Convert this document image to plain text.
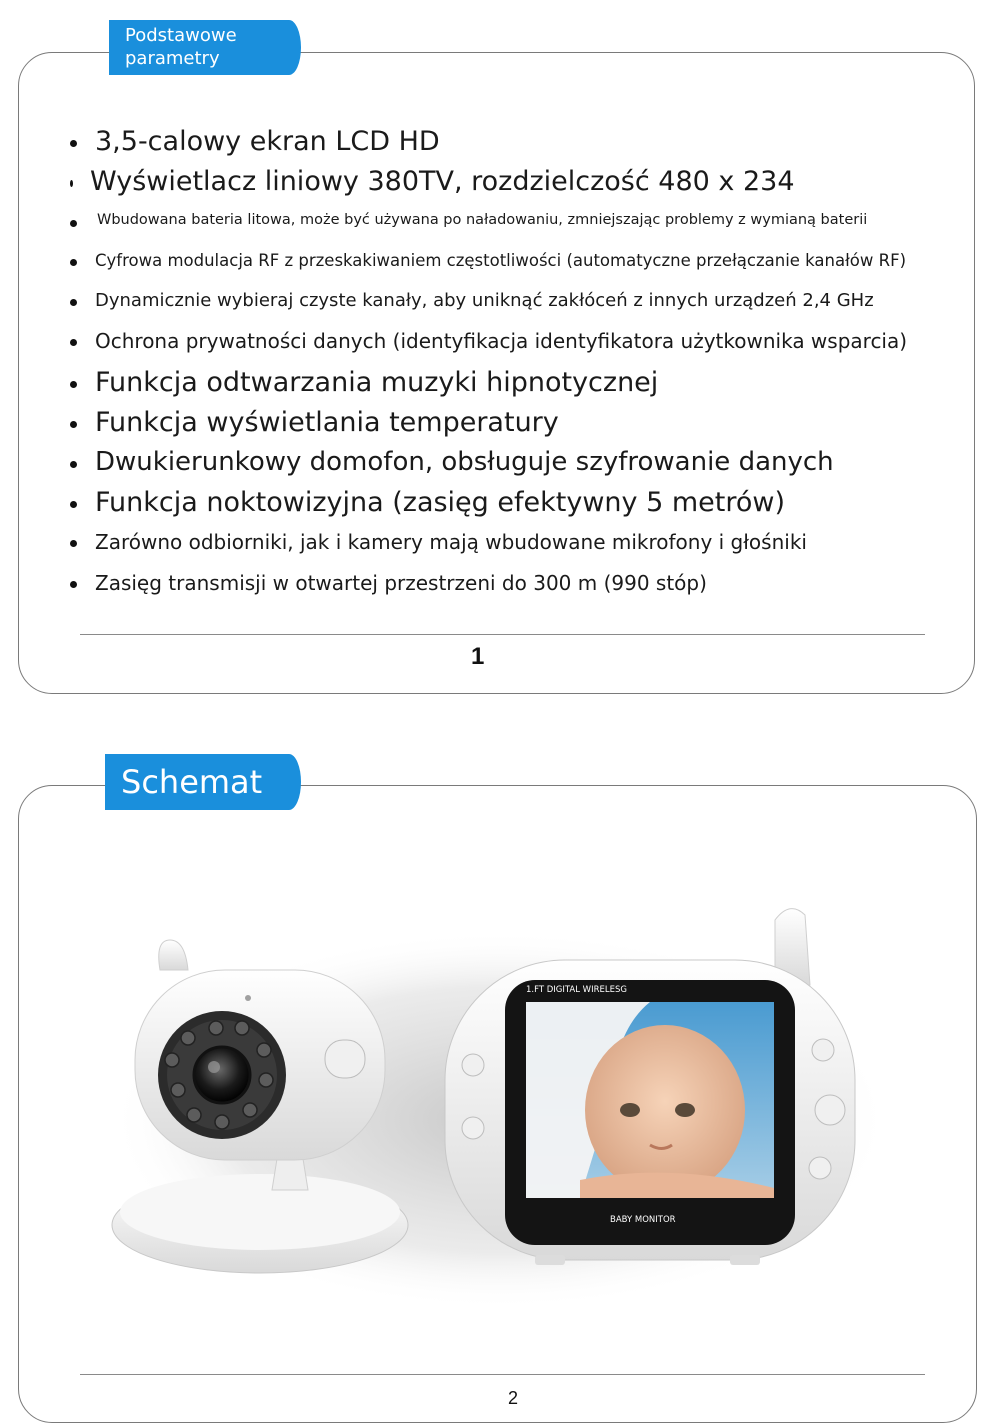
Podstawowe parametry
3,5-calowy ekran LCD HD
Wyświetlacz liniowy 380TV, rozdzielczość 480 x 234
Wbudowana bateria litowa, może być używana po naładowaniu, zmniejszając problemy z wymianą baterii
Cyfrowa modulacja RF z przeskakiwaniem częstotliwości (automatyczne przełączanie kanałów RF)
Dynamicznie wybieraj czyste kanały, aby uniknąć zakłóceń z innych urządzeń 2,4 GHz
Ochrona prywatności danych (identyfikacja identyfikatora użytkownika wsparcia)
Funkcja odtwarzania muzyki hipnotycznej
Funkcja wyświetlania temperatury
Dwukierunkowy domofon, obsługuje szyfrowanie danych
Funkcja noktowizyjna (zasięg efektywny 5 metrów)
Zarówno odbiorniki, jak i kamery mają wbudowane mikrofony i głośniki
Zasięg transmisji w otwartej przestrzeni do 300 m (990 stóp)
1
Schemat
1.FT DIGITAL WIRELESG
BABY MONITOR
2
